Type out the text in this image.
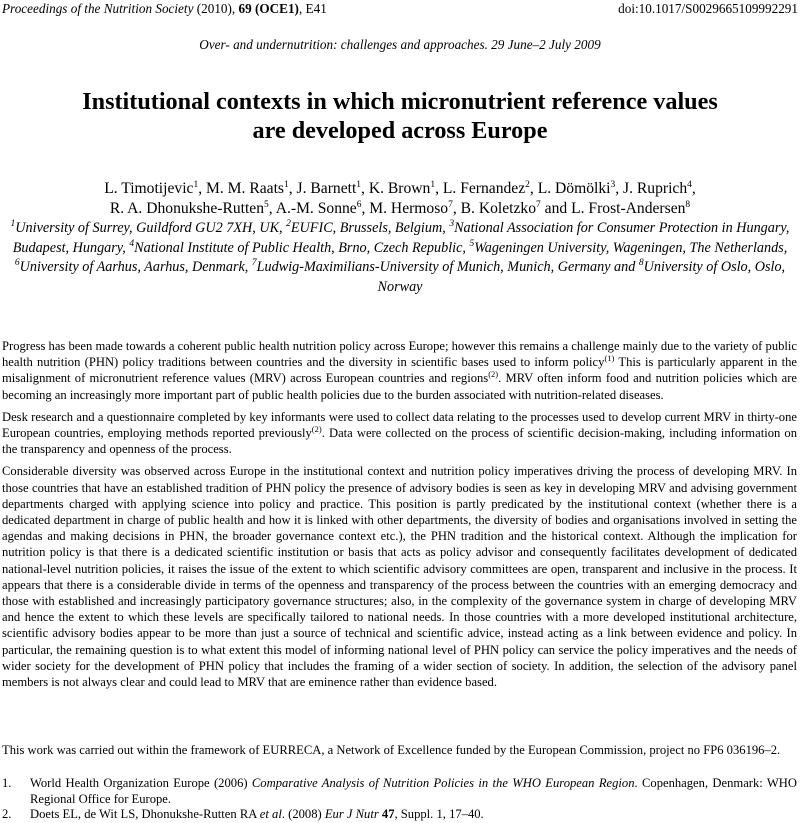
Proceedings of the Nutrition Society (2010), 69 (OCE1), E41	doi:10.1017/S0029665109992291
Over- and undernutrition: challenges and approaches. 29 June–2 July 2009
Institutional contexts in which micronutrient reference values
are developed across Europe
L. Timotijevic$^1$, M. M. Raats$^1$, J. Barnett$^1$, K. Brown$^1$, L. Fernandez$^2$, L. Dömölki$^3$, J. Ruprich$^4$,
R. A. Dhonukshe-Rutten$^5$, A.-M. Sonne$^6$, M. Hermoso$^7$, B. Koletzko$^7$ and L. Frost-Andersen$^8$
$^1$University of Surrey, Guildford GU2 7XH, UK, $^2$EUFIC, Brussels, Belgium, $^3$National Association for Consumer Protection in Hungary, Budapest, Hungary, $^4$National Institute of Public Health, Brno, Czech Republic, $^5$Wageningen University, Wageningen, The Netherlands, $^6$University of Aarhus, Aarhus, Denmark, $^7$Ludwig-Maximilians-University of Munich, Munich, Germany and $^8$University of Oslo, Oslo, Norway

Progress has been made towards a coherent public health nutrition policy across Europe; however this remains a challenge mainly due to the variety of public health nutrition (PHN) policy traditions between countries and the diversity in scientific bases used to inform policy$^{(1)}$ This is particularly apparent in the misalignment of micronutrient reference values (MRV) across European countries and regions$^{(2)}$. MRV often inform food and nutrition policies which are becoming an increasingly more important part of public health policies due to the burden associated with nutrition-related diseases.

Desk research and a questionnaire completed by key informants were used to collect data relating to the processes used to develop current MRV in thirty-one European countries, employing methods reported previously$^{(2)}$. Data were collected on the process of scientific decision-making, including information on the transparency and openness of the process.

Considerable diversity was observed across Europe in the institutional context and nutrition policy imperatives driving the process of developing MRV. In those countries that have an established tradition of PHN policy the presence of advisory bodies is seen as key in developing MRV and advising government departments charged with applying science into policy and practice. This position is partly predicated by the institutional context (whether there is a dedicated department in charge of public health and how it is linked with other departments, the diversity of bodies and organisations involved in setting the agendas and making decisions in PHN, the broader governance context etc.), the PHN tradition and the historical context. Although the implication for nutrition policy is that there is a dedicated scientific institution or basis that acts as policy advisor and consequently facilitates development of dedicated national-level nutrition policies, it raises the issue of the extent to which scientific advisory committees are open, transparent and inclusive in the process. It appears that there is a considerable divide in terms of the openness and transparency of the process between the countries with an emerging democracy and those with established and increasingly participatory governance structures; also, in the complexity of the governance system in charge of developing MRV and hence the extent to which these levels are specifically tailored to national needs. In those countries with a more developed institutional architecture, scientific advisory bodies appear to be more than just a source of technical and scientific advice, instead acting as a link between evidence and policy. In particular, the remaining question is to what extent this model of informing national level of PHN policy can service the policy imperatives and the needs of wider society for the development of PHN policy that includes the framing of a wider section of society. In addition, the selection of the advisory panel members is not always clear and could lead to MRV that are eminence rather than evidence based.

This work was carried out within the framework of EURRECA, a Network of Excellence funded by the European Commission, project no FP6 036196–2.
1. World Health Organization Europe (2006) Comparative Analysis of Nutrition Policies in the WHO European Region. Copenhagen, Denmark: WHO Regional Office for Europe.
2. Doets EL, de Wit LS, Dhonukshe-Rutten RA et al. (2008) Eur J Nutr 47, Suppl. 1, 17–40.
